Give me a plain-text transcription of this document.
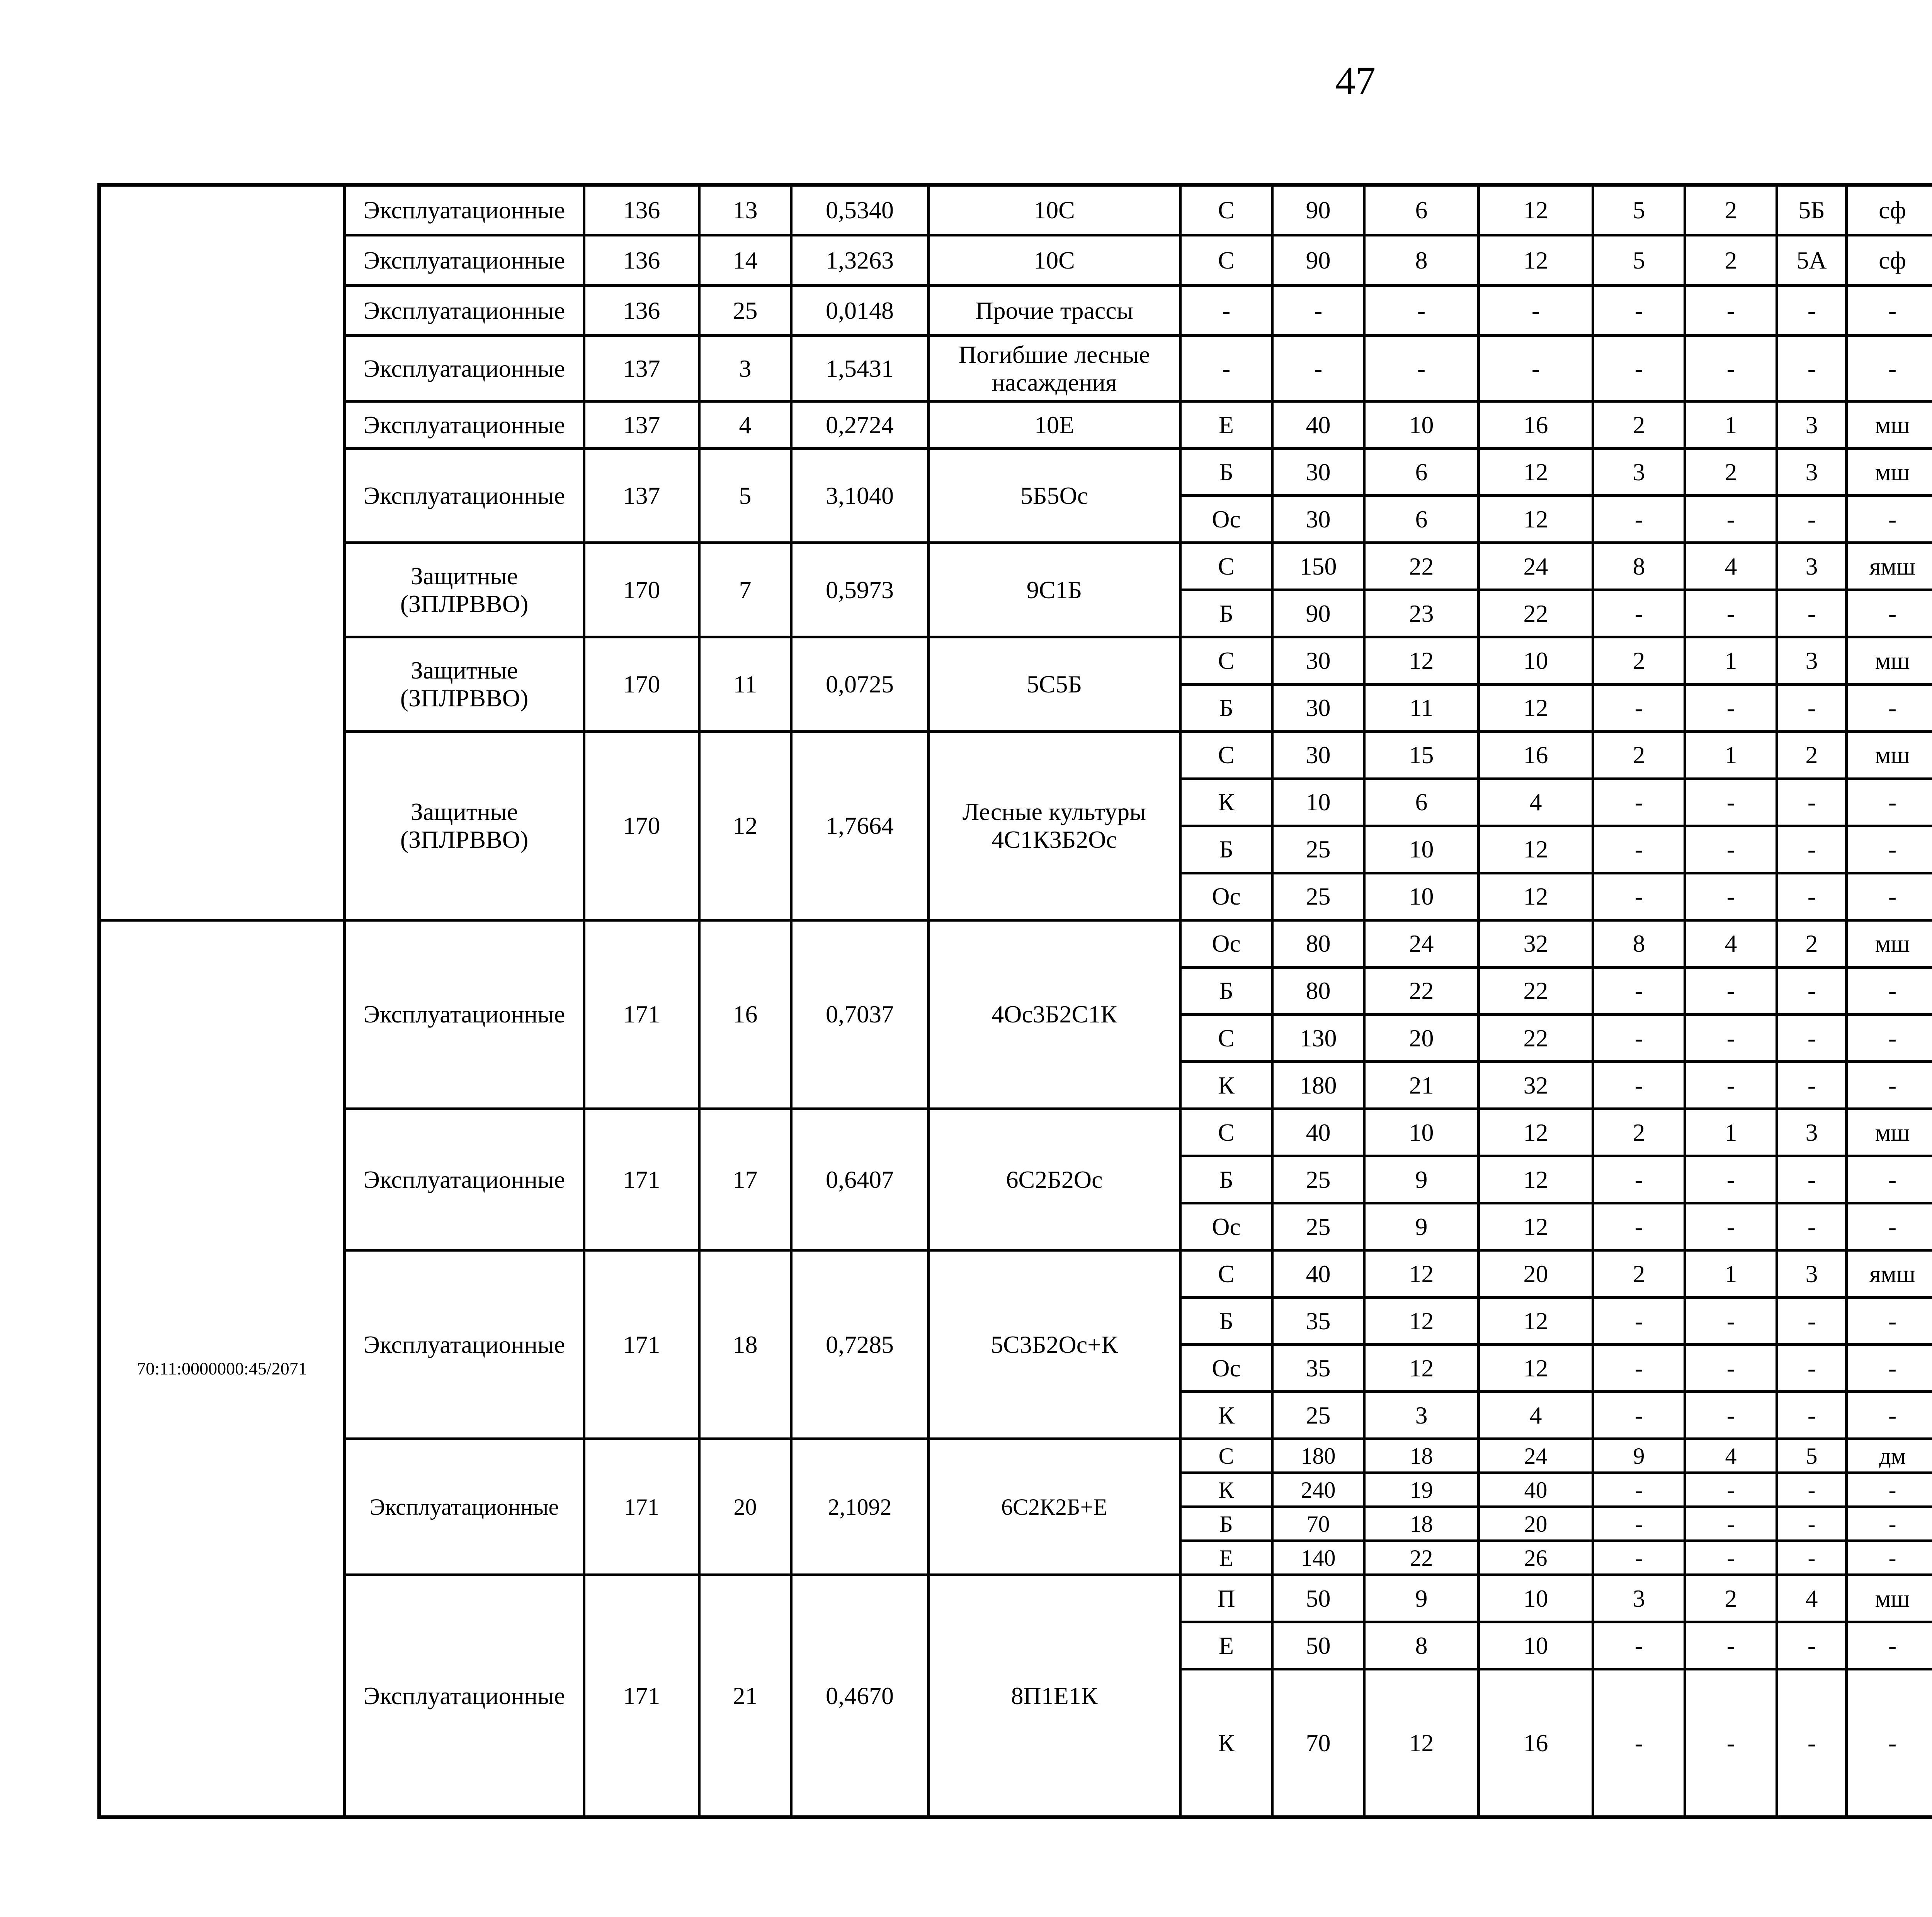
47
	Эксплуатационные	136	13	0,5340	10С	С	90	6	12	5	2	5Б	сф					
	Эксплуатационные	136	14	1,3263	10С	С	90	8	12	5	2	5А	сф					
	Эксплуатационные	136	25	0,0148	Прочие трассы	-	-	-	-	-	-	-	-					
	Эксплуатационные	137	3	1,5431	Погибшие лесные насаждения	-	-	-	-	-	-	-	-					
	Эксплуатационные	137	4	0,2724	10Е	Е	40	10	16	2	1	3	мш					
	Эксплуатационные	137	5	3,1040	5Б5Ос	Б	30	6	12	3	2	3	мш					
						Ос	30	6	12	-	-	-	-					
	Защитные (ЗПЛРВВО)	170	7	0,5973	9С1Б	С	150	22	24	8	4	3	ямш					
						Б	90	23	22	-	-	-	-					
	Защитные (ЗПЛРВВО)	170	11	0,0725	5С5Б	С	30	12	10	2	1	3	мш					
						Б	30	11	12	-	-	-	-					
	Защитные (ЗПЛРВВО)	170	12	1,7664	Лесные культуры 4С1К3Б2Ос	С	30	15	16	2	1	2	мш					
						К	10	6	4	-	-	-	-					
						Б	25	10	12	-	-	-	-					
						Ос	25	10	12	-	-	-	-					
70:11:0000000:45/2071	Эксплуатационные	171	16	0,7037	4Ос3Б2С1К	Ос	80	24	32	8	4	2	мш					
						Б	80	22	22	-	-	-	-					
						С	130	20	22	-	-	-	-					
						К	180	21	32	-	-	-	-					
	Эксплуатационные	171	17	0,6407	6С2Б2Ос	С	40	10	12	2	1	3	мш					
						Б	25	9	12	-	-	-	-					
						Ос	25	9	12	-	-	-	-					
	Эксплуатационные	171	18	0,7285	5С3Б2Ос+К	С	40	12	20	2	1	3	ямш					
						Б	35	12	12	-	-	-	-					
						Ос	35	12	12	-	-	-	-					
						К	25	3	4	-	-	-	-					
	Эксплуатационные	171	20	2,1092	6С2К2Б+Е	С	180	18	24	9	4	5	дм					
						К	240	19	40	-	-	-	-					
						Б	70	18	20	-	-	-	-					
						Е	140	22	26	-	-	-	-					
	Эксплуатационные	171	21	0,4670	8П1Е1К	П	50	9	10	3	2	4	мш					
						Е	50	8	10	-	-	-	-					
						К	70	12	16	-	-	-	-					
